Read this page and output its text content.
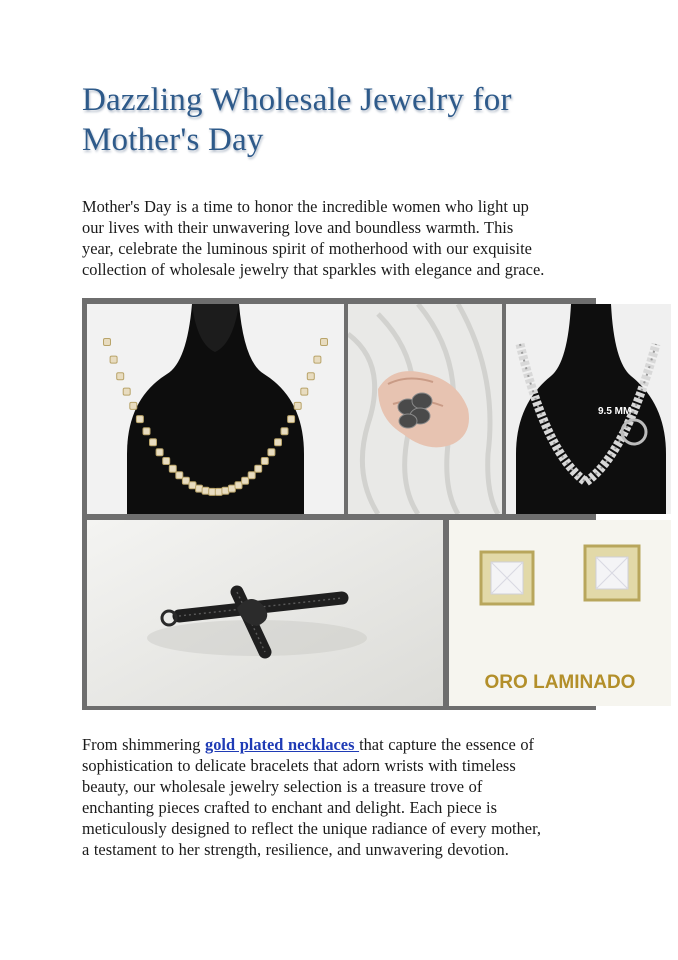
Dazzling Wholesale Jewelry for
Mother's Day

Mother's Day is a time to honor the incredible women who light up
our lives with their unwavering love and boundless warmth. This
year, celebrate the luminous spirit of motherhood with our exquisite
collection of wholesale jewelry that sparkles with elegance and grace.

9.5 MM
ORO LAMINADO

From shimmering gold plated necklaces that capture the essence of
sophistication to delicate bracelets that adorn wrists with timeless
beauty, our wholesale jewelry selection is a treasure trove of
enchanting pieces crafted to enchant and delight. Each piece is
meticulously designed to reflect the unique radiance of every mother,
a testament to her strength, resilience, and unwavering devotion.
